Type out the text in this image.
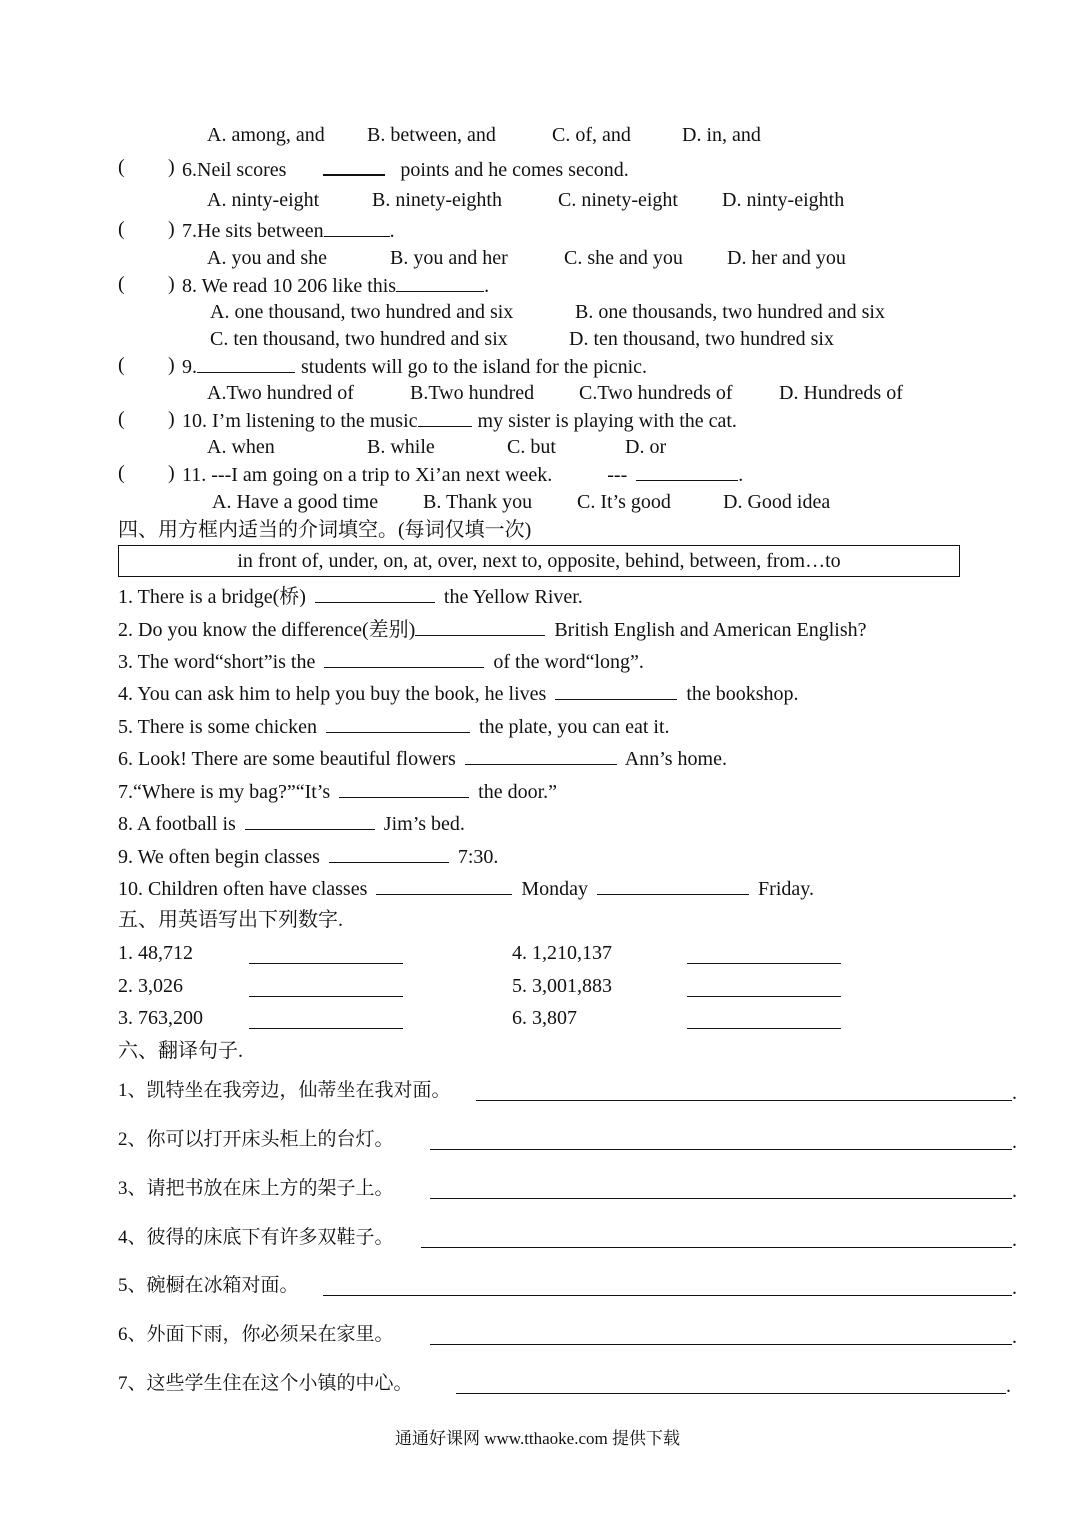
A. among, and B. between, and	C. of, and	D. in, and
( ) 6.Neil scores	points and he comes second.
A. ninty-eight	B. ninety-eighth	C. ninety-eight D. ninty-eighth
( ) 7.He sits between	.
A. you and she	B. you and her	C. she and you D. her and you
( ) 8. We read 10 206 like this	.
A. one thousand, two hundred and six	B. one thousands, two hundred and six
C. ten thousand, two hundred and six	D. ten thousand, two hundred six
( ) 9.	students will go to the island for the picnic.
A.Two hundred of	B.Two hundred C.Two hundreds of D. Hundreds of
( ) 10. I’m listening to the music	my sister is playing with the cat.
A. when	B. while	C. but	D. or
( ) 11. ---I am going on a trip to Xi’an next week.	---	.
A. Have a good time B. Thank you C. It’s good	D. Good idea
四、用方框内适当的介词填空。(每词仅填一次)
in front of, under, on, at, over, next to, opposite, behind, between, from…to
1. There is a bridge(桥)	the Yellow River.
2. Do you know the difference(差别)	British English and American English?
3. The word“short”is the	of the word“long”.
4. You can ask him to help you buy the book, he lives	the bookshop.
5. There is some chicken	the plate, you can eat it.
6. Look! There are some beautiful flowers	Ann’s home.
7.“Where is my bag?”“It’s	the door.”
8. A football is	Jim’s bed.
9. We often begin classes	7:30.
10. Children often have classes	Monday	Friday.
五、用英语写出下列数字.
1. 48,712	4. 1,210,137
2. 3,026	5. 3,001,883
3. 763,200	6. 3,807
六、翻译句子.
1、凯特坐在我旁边，仙蒂坐在我对面。	.
2、你可以打开床头柜上的台灯。	.
3、请把书放在床上方的架子上。	.
4、彼得的床底下有许多双鞋子。	.
5、碗橱在冰箱对面。	.
6、外面下雨，你必须呆在家里。	.
7、这些学生住在这个小镇的中心。	.
通通好课网 www.tthaoke.com 提供下载
